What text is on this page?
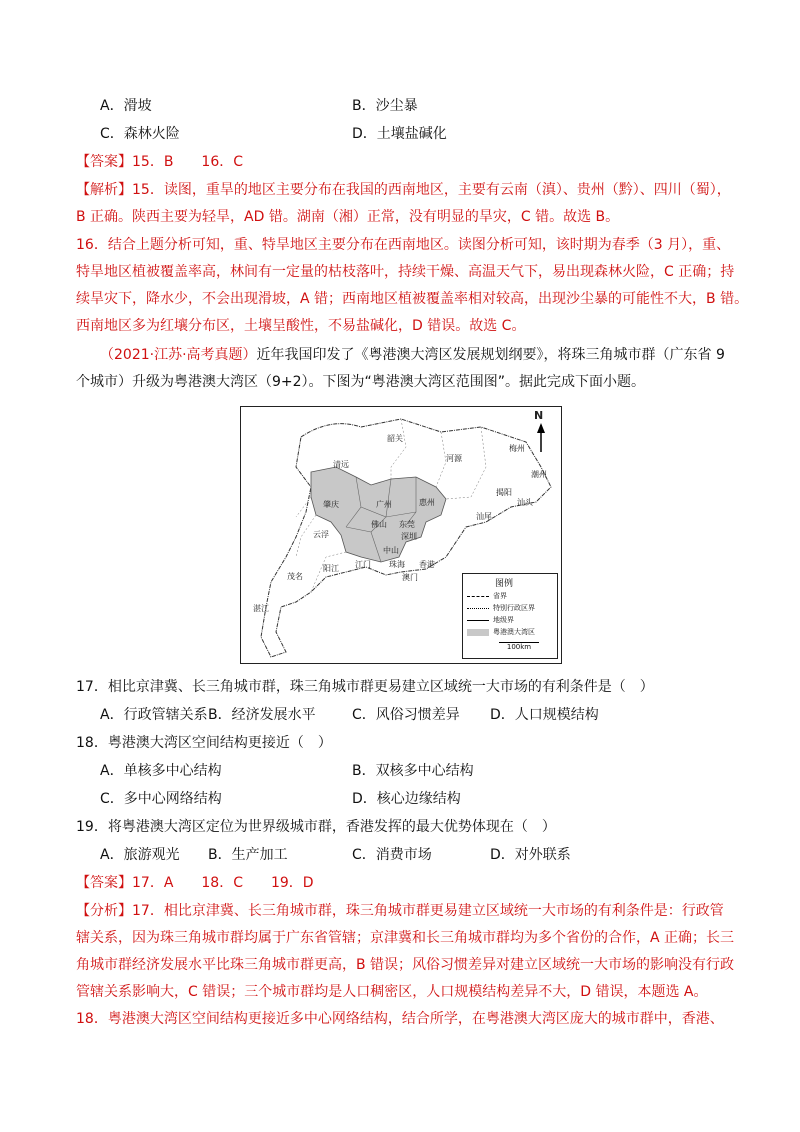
A．滑坡	B．沙尘暴
C．森林火险	D．土壤盐碱化
【答案】15．B　　16．C
【解析】15．读图，重旱的地区主要分布在我国的西南地区，主要有云南（滇）、贵州（黔）、四川（蜀），
B 正确。陕西主要为轻旱，AD 错。湖南（湘）正常，没有明显的旱灾，C 错。故选 B。
16．结合上题分析可知，重、特旱地区主要分布在西南地区。读图分析可知，该时期为春季（3 月），重、
特旱地区植被覆盖率高，林间有一定量的枯枝落叶，持续干燥、高温天气下，易出现森林火险，C 正确；持
续旱灾下，降水少，不会出现滑坡，A 错；西南地区植被覆盖率相对较高，出现沙尘暴的可能性不大，B 错。
西南地区多为红壤分布区，土壤呈酸性，不易盐碱化，D 错误。故选 C。
（2021·江苏·高考真题）近年我国印发了《粤港澳大湾区发展规划纲要》，将珠三角城市群（广东省 9
个城市）升级为粤港澳大湾区（9+2）。下图为“粤港澳大湾区范围图”。据此完成下面小题。
N
韶关
河源
梅州
清远
潮州
揭阳
汕头
肇庆	广州	惠州
汕尾
佛山 东莞
深圳
云浮
中山
香港
阳江 江门 珠海
澳门
茂名
湛江
图例
省界
特别行政区界
地级界
粤港澳大湾区
100km
17．相比京津冀、长三角城市群，珠三角城市群更易建立区域统一大市场的有利条件是（　）
A．行政管辖关系 B．经济发展水平	C．风俗习惯差异 D．人口规模结构
18．粤港澳大湾区空间结构更接近（　）
A．单核多中心结构	B．双核多中心结构
C．多中心网络结构	D．核心边缘结构
19．将粤港澳大湾区定位为世界级城市群，香港发挥的最大优势体现在（　）
A．旅游观光 B．生产加工	C．消费市场	D．对外联系
【答案】17．A　　18．C　　19．D
【分析】17．相比京津冀、长三角城市群，珠三角城市群更易建立区域统一大市场的有利条件是：行政管
辖关系，因为珠三角城市群均属于广东省管辖；京津冀和长三角城市群均为多个省份的合作，A 正确；长三
角城市群经济发展水平比珠三角城市群更高，B 错误；风俗习惯差异对建立区域统一大市场的影响没有行政
管辖关系影响大，C 错误；三个城市群均是人口稠密区，人口规模结构差异不大，D 错误，本题选 A。
18．粤港澳大湾区空间结构更接近多中心网络结构，结合所学，在粤港澳大湾区庞大的城市群中，香港、
